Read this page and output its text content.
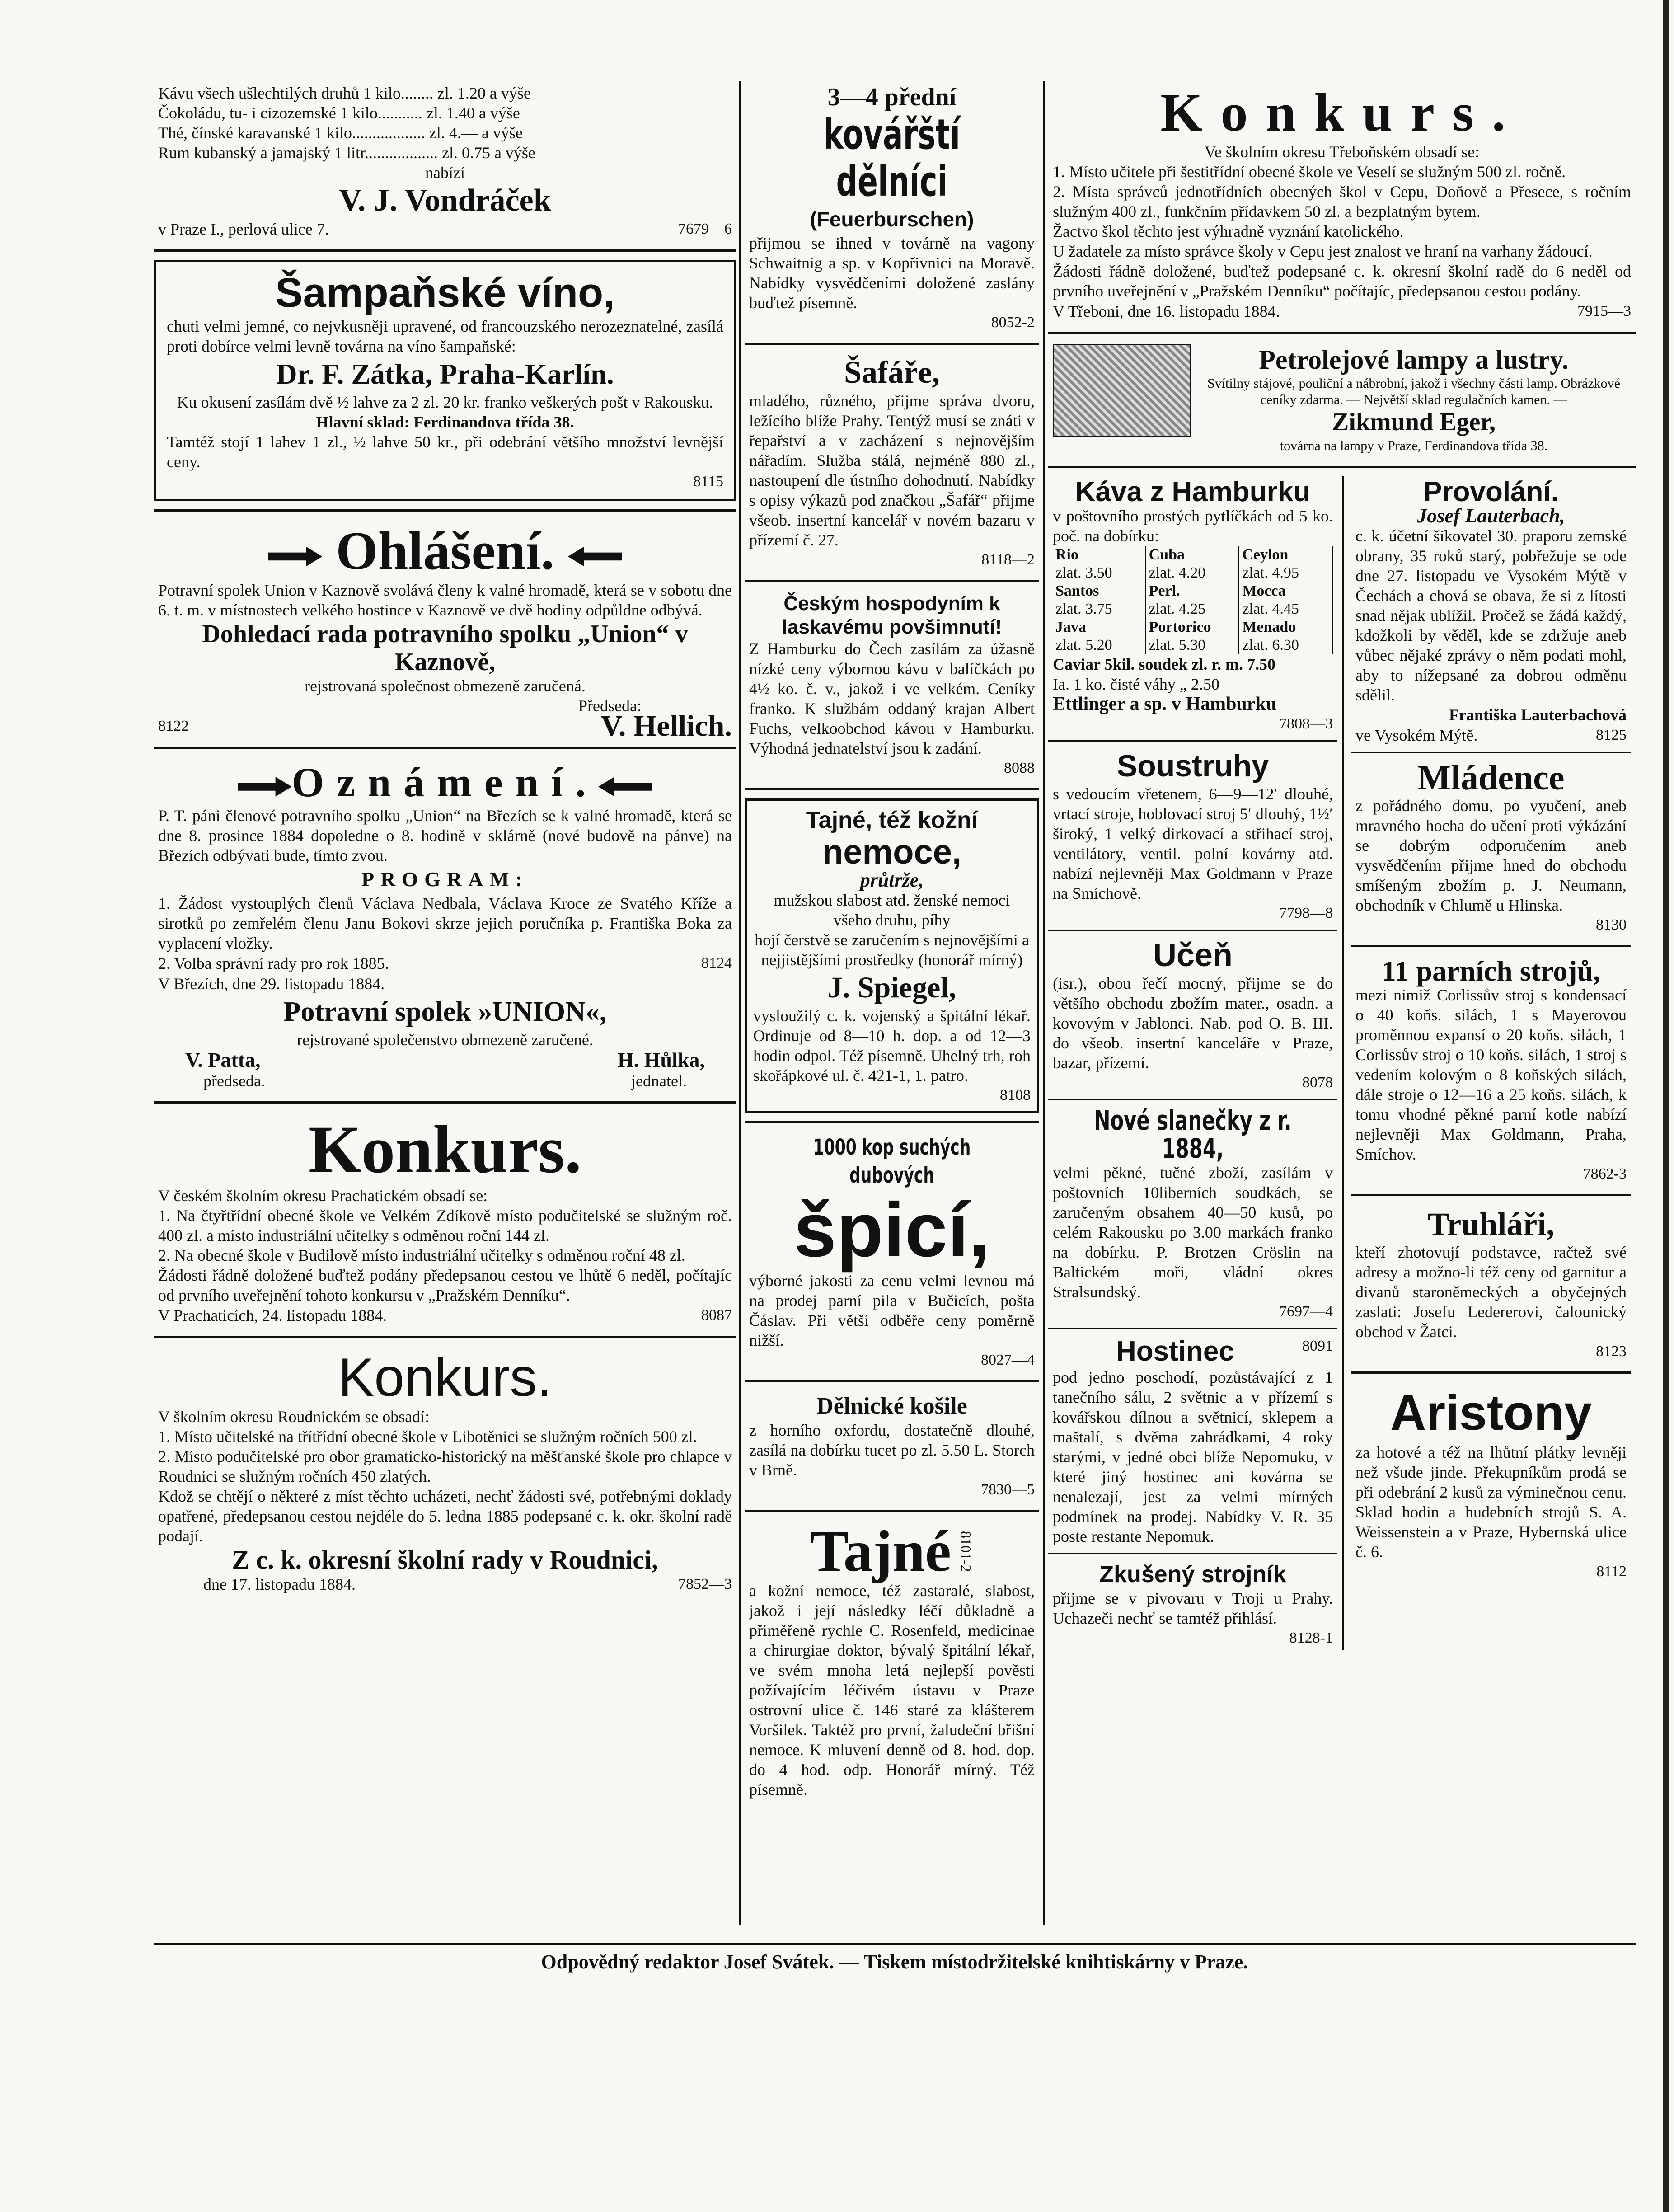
Kávu všech ušlechtilých druhů 1 kilo........ zl. 1.20 a výše

Čokoládu, tu- i cizozemské 1 kilo........... zl. 1.40 a výše

Thé, čínské karavanské 1 kilo.................. zl. 4.— a výše

Rum kubanský a jamajský 1 litr.................. zl. 0.75 a výše

nabízí

V. J. Vondráček
v Praze I., perlová ulice 7.	7679—6
Šampaňské víno,

chuti velmi jemné, co nejvkusněji upravené, od francouzského nerozeznatelné, zasílá proti dobírce velmi levně továrna na víno šampaňské:

Dr. F. Zátka, Praha-Karlín.

Ku okusení zasílám dvě ½ lahve za 2 zl. 20 kr. franko veškerých pošt v Rakousku.

Hlavní sklad: Ferdinandova třída 38.

Tamtéž stojí 1 lahev 1 zl., ½ lahve 50 kr., při odebrání většího množství levnější ceny.

8115

Ohlášení.

Potravní spolek Union v Kaznově svolává členy k valné hromadě, která se v sobotu dne 6. t. m. v místnostech velkého hostince v Kaznově ve dvě hodiny odpůldne odbývá.

Dohledací rada potravního spolku „Union“ v Kaznově,

rejstrovaná společnost obmezeně zaručená.

Předseda:

8122	V. Hellich.
Oznámení.

P. T. páni členové potravního spolku „Union“ na Březích se k valné hromadě, která se dne 8. prosince 1884 dopoledne o 8. hodině v sklárně (nové budově na pánve) na Březích odbývati bude, tímto zvou.

PROGRAM:

1. Žádost vystouplých členů Václava Nedbala, Václava Kroce ze Svatého Kříže a sirotků po zemřelém členu Janu Bokovi skrze jejich poručníka p. Františka Boka za vyplacení vložky.

2. Volba správní rady pro rok 1885.	8124

V Březích, dne 29. listopadu 1884.

Potravní spolek »UNION«,

rejstrované společenstvo obmezeně zaručené.

V. Patta,	H. Hůlka,
předseda.	jednatel.
Konkurs.

V českém školním okresu Prachatickém obsadí se:

1. Na čtyřtřídní obecné škole ve Velkém Zdíkově místo podučitelské se služným roč. 400 zl. a místo industriální učitelky s odměnou roční 144 zl.

2. Na obecné škole v Budilově místo industriální učitelky s odměnou roční 48 zl.

Žádosti řádně doložené buďtež podány předepsanou cestou ve lhůtě 6 neděl, počítajíc od prvního uveřejnění tohoto konkursu v „Pražském Denníku“.

V Prachaticích, 24. listopadu 1884.	8087
Konkurs.

V školním okresu Roudnickém se obsadí:

1. Místo učitelské na třítřídní obecné škole v Libotěnici se služným ročních 500 zl.

2. Místo podučitelské pro obor gramaticko-historický na měšťanské škole pro chlapce v Roudnici se služným ročních 450 zlatých.

Kdož se chtějí o některé z míst těchto ucházeti, nechť žádosti své, potřebnými doklady opatřené, předepsanou cestou nejdéle do 5. ledna 1885 podepsané c. k. okr. školní radě podají.

Z c. k. okresní školní rady v Roudnici,
dne 17. listopadu 1884.	7852—3
3—4 přední
kovářští dělníci
(Feuerburschen)

přijmou se ihned v továrně na vagony Schwaitnig a sp. v Kopřivnici na Moravě. Nabídky vysvědčeními doložené zaslány buďtež písemně.

8052-2

Šafáře,

mladého, různého, přijme správa dvoru, ležícího blíže Prahy. Tentýž musí se znáti v řepařství a v zacházení s nejnovějším nářadím. Služba stálá, nejméně 880 zl., nastoupení dle ústního dohodnutí. Nabídky s opisy výkazů pod značkou „Šafář“ přijme všeob. insertní kancelář v novém bazaru v přízemí č. 27.

8118—2

Českým hospodyním k laskavému povšimnutí!

Z Hamburku do Čech zasílám za úžasně nízké ceny výbornou kávu v balíčkách po 4½ ko. č. v., jakož i ve velkém. Ceníky franko. K službám oddaný krajan Albert Fuchs, velkoobchod kávou v Hamburku. Výhodná jednatelství jsou k zadání.

8088

Tajné, též kožní
nemoce,

průtrže,

mužskou slabost atd. ženské nemoci všeho druhu, píhy

hojí čerstvě se zaručením s nejnovějšími a nejjistějšími prostředky (honorář mírný)

J. Spiegel,

vysloužilý c. k. vojenský a špitální lékař. Ordinuje od 8—10 h. dop. a od 12—3 hodin odpol. Též písemně. Uhelný trh, roh skořápkové ul. č. 421-1, 1. patro.

8108

1000 kop suchých dubových
špicí,

výborné jakosti za cenu velmi levnou má na prodej parní pila v Bučicích, pošta Čáslav. Při větší odběře ceny poměrně nižší.

8027—4

Dělnické košile

z horního oxfordu, dostatečně dlouhé, zasílá na dobírku tucet po zl. 5.50 L. Storch v Brně.

7830—5

Tajné 8101-2

a kožní nemoce, též zastaralé, slabost, jakož i její následky léčí důkladně a přiměřeně rychle C. Rosenfeld, medicinae a chirurgiae doktor, bývalý špitální lékař, ve svém mnoha letá nejlepší pověsti požívajícím léčivém ústavu v Praze ostrovní ulice č. 146 staré za klášterem Voršilek. Taktéž pro první, žaludeční břišní nemoce. K mluvení denně od 8. hod. dop. do 4 hod. odp. Honorář mírný. Též písemně.

Konkurs.

Ve školním okresu Třeboňském obsadí se:

1. Místo učitele při šestitřídní obecné škole ve Veselí se služným 500 zl. ročně.

2. Místa správců jednotřídních obecných škol v Cepu, Doňově a Přesece, s ročním služným 400 zl., funkčním přídavkem 50 zl. a bezplatným bytem.

Žactvo škol těchto jest výhradně vyznání katolického.

U žadatele za místo správce školy v Cepu jest znalost ve hraní na varhany žádoucí.

Žádosti řádně doložené, buďtež podepsané c. k. okresní školní radě do 6 neděl od prvního uveřejnění v „Pražském Denníku“ počítajíc, předepsanou cestou podány.

V Třeboni, dne 16. listopadu 1884.	7915—3
Petrolejové lampy a lustry.

Svítilny stájové, pouliční a nábrobní, jakož i všechny části lamp. Obrázkové ceníky zdarma. — Největší sklad regulačních kamen. —

Zikmund Eger,

továrna na lampy v Praze, Ferdinandova třída 38.

Káva z Hamburku

v poštovního prostých pytlíčkách od 5 ko. poč. na dobírku:

Rio	Cuba	Ceylon
zlat. 3.50	zlat. 4.20	zlat. 4.95
Santos	Perl.	Mocca
zlat. 3.75	zlat. 4.25	zlat. 4.45
Java	Portorico	Menado
zlat. 5.20	zlat. 5.30	zlat. 6.30

Caviar 5kil. soudek zl. r. m. 7.50

Ia. 1 ko. čisté váhy „ 2.50

Ettlinger a sp. v Hamburku

7808—3

Soustruhy

s vedoucím vřetenem, 6—9—12′ dlouhé, vrtací stroje, hoblovací stroj 5′ dlouhý, 1½′ široký, 1 velký dirkovací a střihací stroj, ventilátory, ventil. polní kovárny atd. nabízí nejlevněji Max Goldmann v Praze na Smíchově.

7798—8

Učeň

(isr.), obou řečí mocný, přijme se do většího obchodu zbožím mater., osadn. a kovovým v Jablonci. Nab. pod O. B. III. do všeob. insertní kanceláře v Praze, bazar, přízemí.

8078

Nové slanečky z r. 1884,

velmi pěkné, tučné zboží, zasílám v poštovních 10liberních soudkách, se zaručeným obsahem 40—50 kusů, po celém Rakousku po 3.00 markách franko na dobírku. P. Brotzen Cröslin na Baltickém moři, vládní okres Stralsundský.

7697—4

Hostinec	8091

pod jedno poschodí, pozůstávající z 1 tanečního sálu, 2 světnic a v přízemí s kovářskou dílnou a světnicí, sklepem a maštalí, s dvěma zahrádkami, 4 roky starými, v jedné obci blíže Nepomuku, v které jiný hostinec ani kovárna se nenalezají, jest za velmi mírných podmínek na prodej. Nabídky V. R. 35 poste restante Nepomuk.

Zkušený strojník

přijme se v pivovaru v Troji u Prahy. Uchazeči nechť se tamtéž přihlásí.

8128-1

Provolání.

Josef Lauterbach,

c. k. účetní šikovatel 30. praporu zemské obrany, 35 roků starý, pobřežuje se ode dne 27. listopadu ve Vysokém Mýtě v Čechách a chová se obava, že si z lítosti snad nějak ublížil. Pročež se žádá každý, kdožkoli by věděl, kde se zdržuje aneb vůbec nějaké zprávy o něm podati mohl, aby to nížepsané za dobrou odměnu sdělil.

Františka Lauterbachová

ve Vysokém Mýtě.	8125
Mládence

z pořádného domu, po vyučení, aneb mravného hocha do učení proti výkázání se dobrým odporučením aneb vysvědčením přijme hned do obchodu smíšeným zbožím p. J. Neumann, obchodník v Chlumě u Hlinska.

8130

11 parních strojů,

mezi nimiž Corlissův stroj s kondensací o 40 koňs. silách, 1 s Mayerovou proměnnou expansí o 20 koňs. silách, 1 Corlissův stroj o 10 koňs. silách, 1 stroj s vedením kolovým o 8 koňských silách, dále stroje o 12—16 a 25 koňs. silách, k tomu vhodné pěkné parní kotle nabízí nejlevněji Max Goldmann, Praha, Smíchov.

7862-3

Truhláři,

kteří zhotovují podstavce, račtež své adresy a možno-li též ceny od garnitur a divanů staroněmeckých a obyčejných zaslati: Josefu Ledererovi, čalounický obchod v Žatci.

8123

Aristony

za hotové a též na lhůtní plátky levněji než všude jinde. Překupníkům prodá se při odebrání 2 kusů za výminečnou cenu. Sklad hodin a hudebních strojů S. A. Weissenstein a v Praze, Hybernská ulice č. 6.

8112

Odpovědný redaktor Josef Svátek. — Tiskem místodržitelské knihtiskárny v Praze.
